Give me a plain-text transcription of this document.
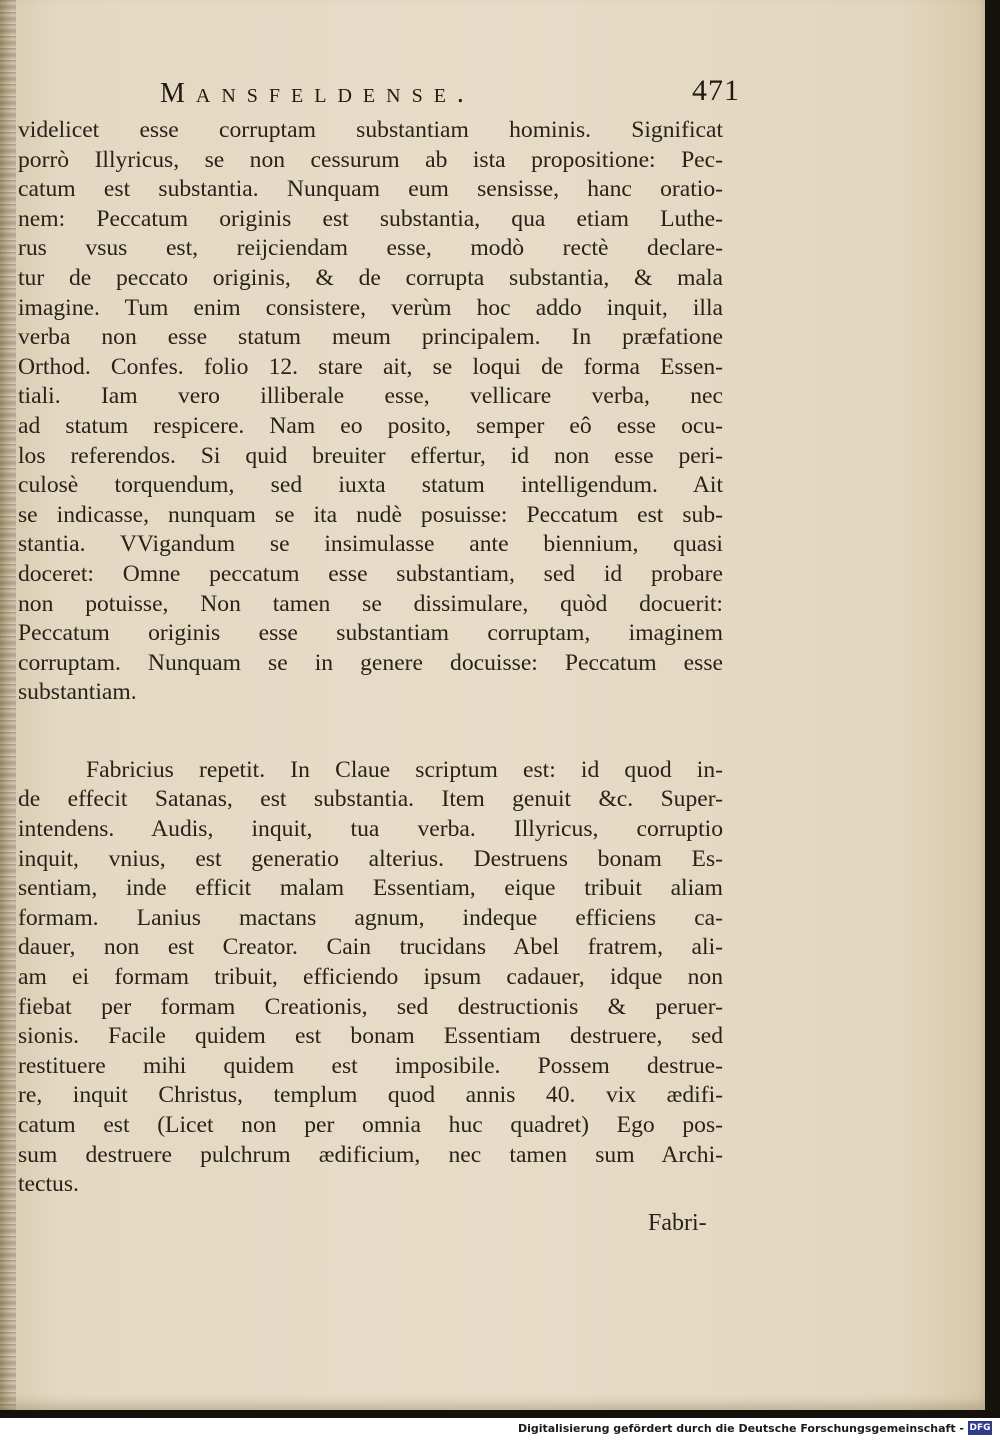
Mansfeldense.	471
videlicet esse corruptam substantiam hominis. Significat
porrò Illyricus, se non cessurum ab ista propositione: Pec-
catum est substantia. Nunquam eum sensisse, hanc oratio-
nem: Peccatum originis est substantia, qua etiam Luthe-
rus vsus est, reijciendam esse, modò rectè declare-
tur de peccato originis, & de corrupta substantia, & mala
imagine. Tum enim consistere, verùm hoc addo inquit, illa
verba non esse statum meum principalem. In præfatione
Orthod. Confes. folio 12. stare ait, se loqui de forma Essen-
tiali. Iam vero illiberale esse, vellicare verba, nec
ad statum respicere. Nam eo posito, semper eô esse ocu-
los referendos. Si quid breuiter effertur, id non esse peri-
culosè torquendum, sed iuxta statum intelligendum. Ait
se indicasse, nunquam se ita nudè posuisse: Peccatum est sub-
stantia. VVigandum se insimulasse ante biennium, quasi
doceret: Omne peccatum esse substantiam, sed id probare
non potuisse, Non tamen se dissimulare, quòd docuerit:
Peccatum originis esse substantiam corruptam, imaginem
corruptam. Nunquam se in genere docuisse: Peccatum esse
substantiam.
Fabricius repetit. In Claue scriptum est: id quod in-
de effecit Satanas, est substantia. Item genuit &c. Super-
intendens. Audis, inquit, tua verba. Illyricus, corruptio
inquit, vnius, est generatio alterius. Destruens bonam Es-
sentiam, inde efficit malam Essentiam, eique tribuit aliam
formam. Lanius mactans agnum, indeque efficiens ca-
dauer, non est Creator. Cain trucidans Abel fratrem, ali-
am ei formam tribuit, efficiendo ipsum cadauer, idque non
fiebat per formam Creationis, sed destructionis & peruer-
sionis. Facile quidem est bonam Essentiam destruere, sed
restituere mihi quidem est imposibile. Possem destrue-
re, inquit Christus, templum quod annis 40. vix ædifi-
catum est (Licet non per omnia huc quadret) Ego pos-
sum destruere pulchrum ædificium, nec tamen sum Archi-
tectus.
Fabri-
Digitalisierung gefördert durch die Deutsche Forschungsgemeinschaft - DFG
